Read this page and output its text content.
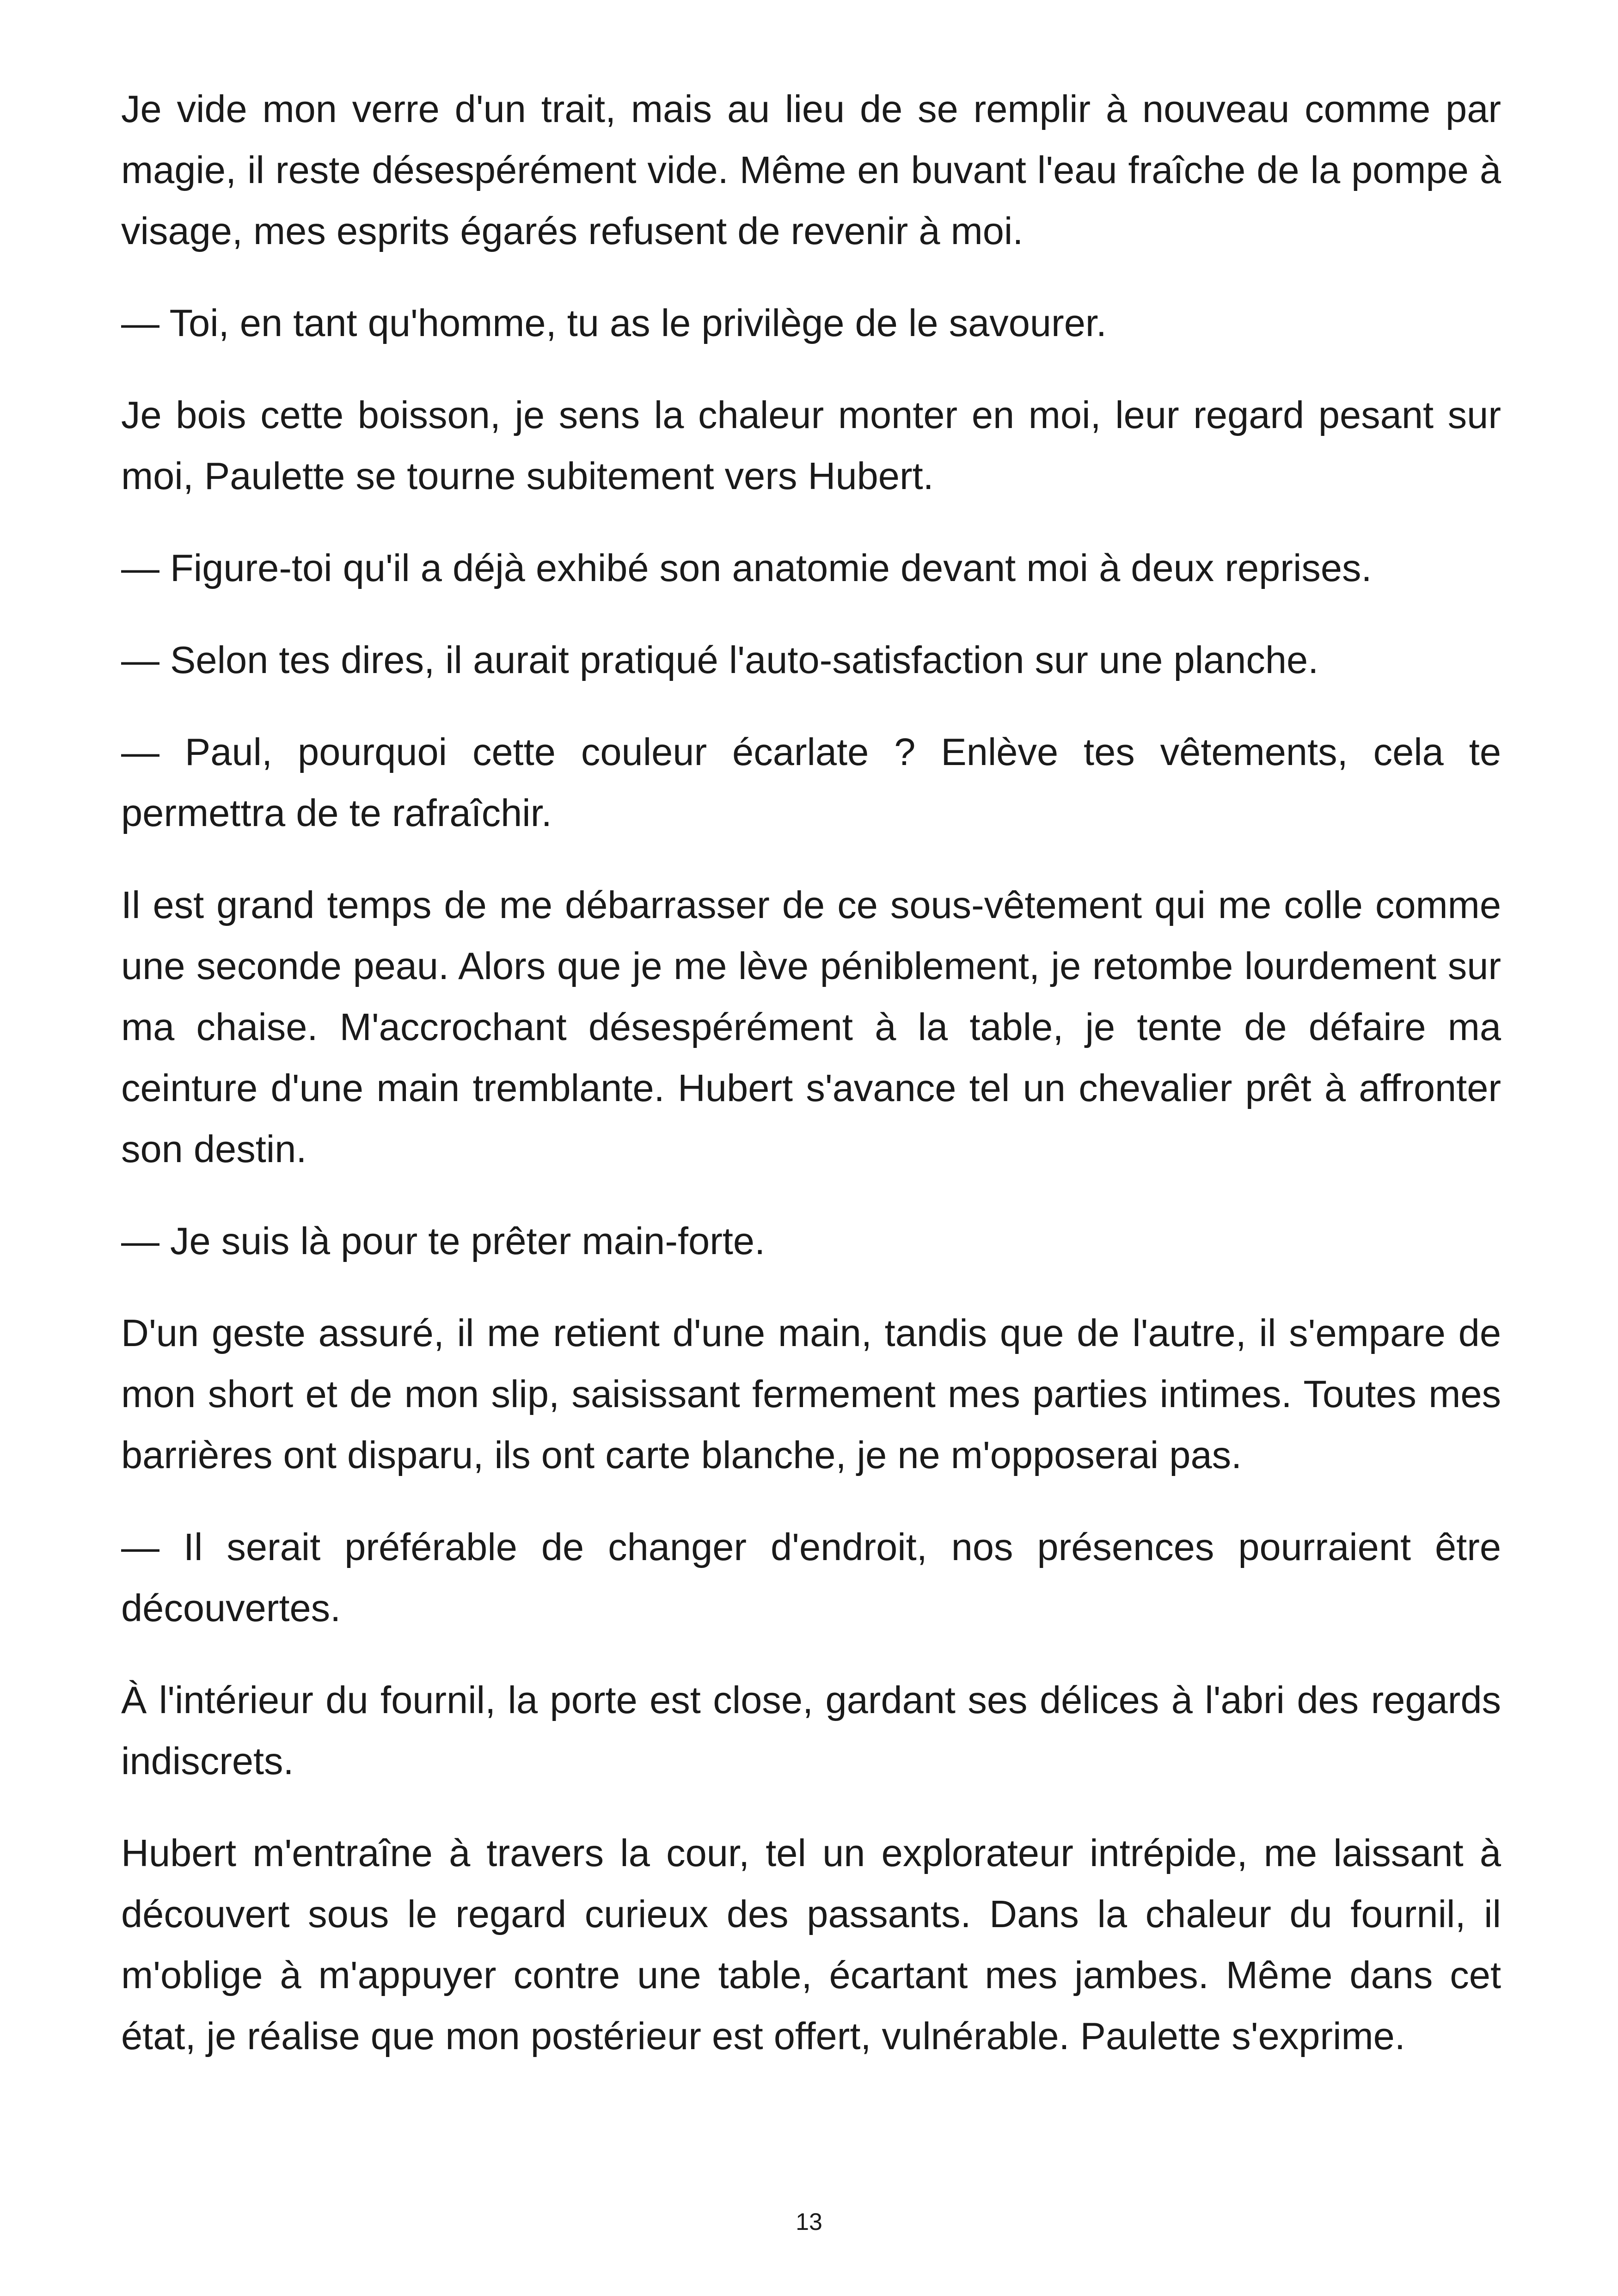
Je vide mon verre d'un trait, mais au lieu de se remplir à nouveau comme par magie, il reste désespérément vide. Même en buvant l'eau fraîche de la pompe à visage, mes esprits égarés refusent de revenir à moi.

— Toi, en tant qu'homme, tu as le privilège de le savourer.

Je bois cette boisson, je sens la chaleur monter en moi, leur regard pesant sur moi, Paulette se tourne subitement vers Hubert.

— Figure-toi qu'il a déjà exhibé son anatomie devant moi à deux reprises.

— Selon tes dires, il aurait pratiqué l'auto-satisfaction sur une planche.

— Paul, pourquoi cette couleur écarlate ? Enlève tes vêtements, cela te permettra de te rafraîchir.

Il est grand temps de me débarrasser de ce sous-vêtement qui me colle comme une seconde peau. Alors que je me lève péniblement, je retombe lourdement sur ma chaise. M'accrochant désespérément à la table, je tente de défaire ma ceinture d'une main tremblante. Hubert s'avance tel un chevalier prêt à affronter son destin.

— Je suis là pour te prêter main-forte.

D'un geste assuré, il me retient d'une main, tandis que de l'autre, il s'empare de mon short et de mon slip, saisissant fermement mes parties intimes. Toutes mes barrières ont disparu, ils ont carte blanche, je ne m'opposerai pas.

— Il serait préférable de changer d'endroit, nos présences pourraient être découvertes.

À l'intérieur du fournil, la porte est close, gardant ses délices à l'abri des regards indiscrets.

Hubert m'entraîne à travers la cour, tel un explorateur intrépide, me laissant à découvert sous le regard curieux des passants. Dans la chaleur du fournil, il m'oblige à m'appuyer contre une table, écartant mes jambes. Même dans cet état, je réalise que mon postérieur est offert, vulnérable. Paulette s'exprime.

13
